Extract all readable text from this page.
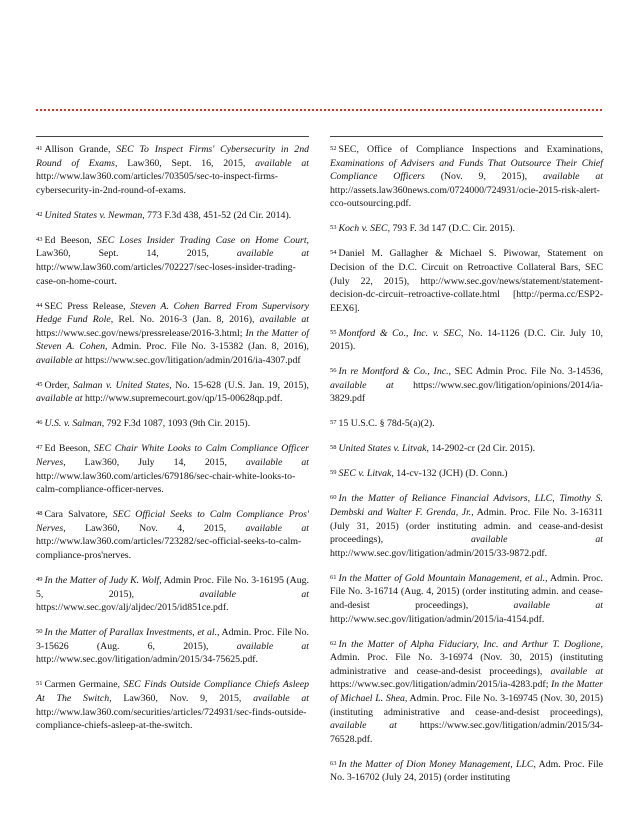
$^{41}$ Allison Grande, SEC To Inspect Firms' Cybersecurity in 2nd Round of Exams, Law360, Sept. 16, 2015, available at http://www.law360.com/articles/703505/sec-to-inspect-firms-cybersecurity-in-2nd-round-of-exams.

$^{42}$ United States v. Newman, 773 F.3d 438, 451-52 (2d Cir. 2014).

$^{43}$ Ed Beeson, SEC Loses Insider Trading Case on Home Court, Law360, Sept. 14, 2015, available at http://www.law360.com/articles/702227/sec-loses-insider-trading-case-on-home-court.

$^{44}$ SEC Press Release, Steven A. Cohen Barred From Supervisory Hedge Fund Role, Rel. No. 2016-3 (Jan. 8, 2016), available at https://www.sec.gov/news/pressrelease/2016-3.html; In the Matter of Steven A. Cohen, Admin. Proc. File No. 3-15382 (Jan. 8, 2016), available at https://www.sec.gov/litigation/admin/2016/ia-4307.pdf

$^{45}$ Order, Salman v. United States, No. 15-628 (U.S. Jan. 19, 2015), available at http://www.supremecourt.gov/qp/15-00628qp.pdf.

$^{46}$ U.S. v. Salman, 792 F.3d 1087, 1093 (9th Cir. 2015).

$^{47}$ Ed Beeson, SEC Chair White Looks to Calm Compliance Officer Nerves, Law360, July 14, 2015, available at http://www.law360.com/articles/679186/sec-chair-white-looks-to-calm-compliance-officer-nerves.

$^{48}$ Cara Salvatore, SEC Official Seeks to Calm Compliance Pros' Nerves, Law360, Nov. 4, 2015, available at http://www.law360.com/articles/723282/sec-official-seeks-to-calm-compliance-pros'nerves.

$^{49}$ In the Matter of Judy K. Wolf, Admin Proc. File No. 3-16195 (Aug. 5, 2015), available at https://www.sec.gov/alj/aljdec/2015/id851ce.pdf.

$^{50}$ In the Matter of Parallax Investments, et al., Admin. Proc. File No. 3-15626 (Aug. 6, 2015), available at http://www.sec.gov/litigation/admin/2015/34-75625.pdf.

$^{51}$ Carmen Germaine, SEC Finds Outside Compliance Chiefs Asleep At The Switch, Law360, Nov. 9, 2015, available at http://www.law360.com/securities/articles/724931/sec-finds-outside-compliance-chiefs-asleep-at-the-switch.

$^{52}$ SEC, Office of Compliance Inspections and Examinations, Examinations of Advisers and Funds That Outsource Their Chief Compliance Officers (Nov. 9, 2015), available at http://assets.law360news.com/0724000/724931/ocie-2015-risk-alert-cco-outsourcing.pdf.

$^{53}$ Koch v. SEC, 793 F. 3d 147 (D.C. Cir. 2015).

$^{54}$ Daniel M. Gallagher & Michael S. Piwowar, Statement on Decision of the D.C. Circuit on Retroactive Collateral Bars, SEC (July 22, 2015), http://www.sec.gov/news/statement/statement-decision-dc-circuit–retroactive-collate.html [http://perma.cc/ESP2-EEX6].

$^{55}$ Montford & Co., Inc. v. SEC, No. 14-1126 (D.C. Cir. July 10, 2015).

$^{56}$ In re Montford & Co., Inc., SEC Admin Proc. File No. 3-14536, available at https://www.sec.gov/litigation/opinions/2014/ia-3829.pdf

$^{57}$ 15 U.S.C. § 78d-5(a)(2).

$^{58}$ United States v. Litvak, 14-2902-cr (2d Cir. 2015).

$^{59}$ SEC v. Litvak, 14-cv-132 (JCH) (D. Conn.)

$^{60}$ In the Matter of Reliance Financial Advisors, LLC, Timothy S. Dembski and Walter F. Grenda, Jr., Admin. Proc. File No. 3-16311 (July 31, 2015) (order instituting admin. and cease-and-desist proceedings), available at http://www.sec.gov/litigation/admin/2015/33-9872.pdf.

$^{61}$ In the Matter of Gold Mountain Management, et al., Admin. Proc. File No. 3-16714 (Aug. 4, 2015) (order instituting admin. and cease-and-desist proceedings), available at http://www.sec.gov/litigation/admin/2015/ia-4154.pdf.

$^{62}$ In the Matter of Alpha Fiduciary, Inc. and Arthur T. Doglione, Admin. Proc. File No. 3-16974 (Nov. 30, 2015) (instituting administrative and cease-and-desist proceedings), available at https://www.sec.gov/litigation/admin/2015/ia-4283.pdf; In the Matter of Michael L. Shea, Admin. Proc. File No. 3-169745 (Nov. 30, 2015) (instituting administrative and cease-and-desist proceedings), available at https://www.sec.gov/litigation/admin/2015/34-76528.pdf.

$^{63}$ In the Matter of Dion Money Management, LLC, Adm. Proc. File No. 3-16702 (July 24, 2015) (order instituting
